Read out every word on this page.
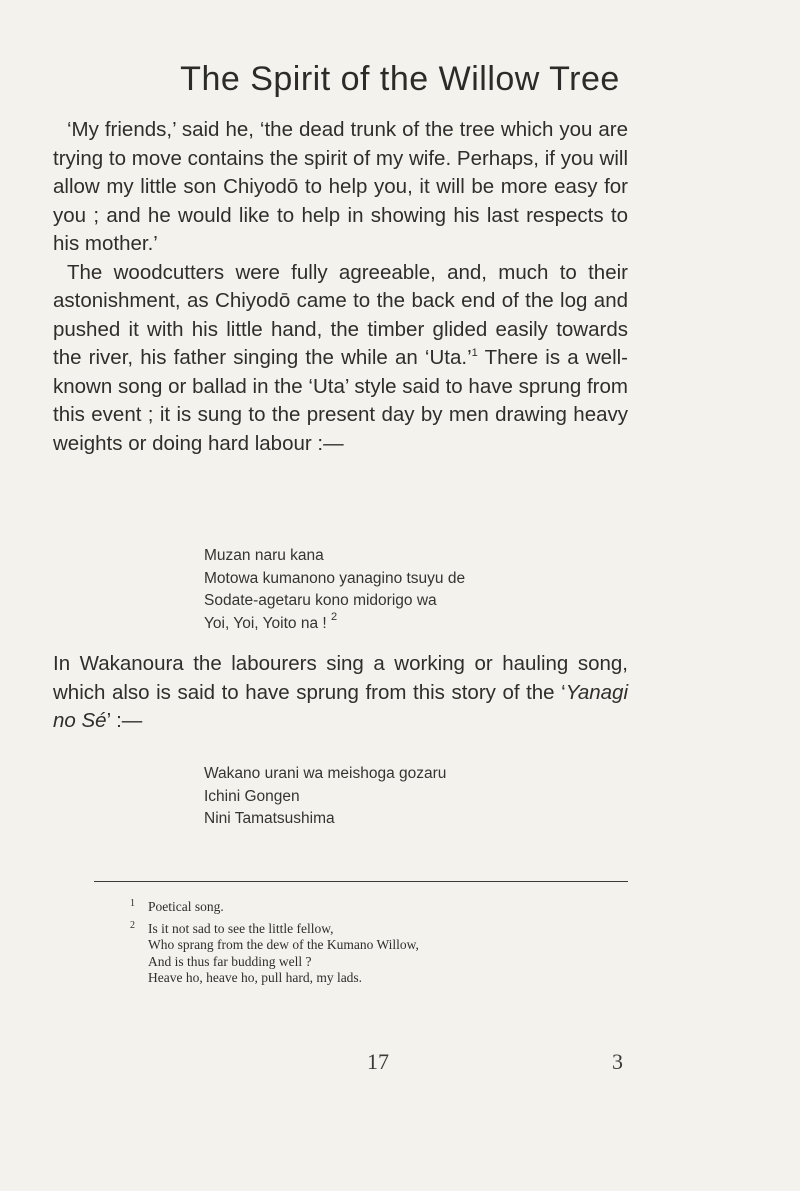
The Spirit of the Willow Tree

‘My friends,’ said he, ‘the dead trunk of the tree which you are trying to move contains the spirit of my wife. Perhaps, if you will allow my little son Chiyodō to help you, it will be more easy for you ; and he would like to help in showing his last respects to his mother.’

The woodcutters were fully agreeable, and, much to their astonishment, as Chiyodō came to the back end of the log and pushed it with his little hand, the timber glided easily towards the river, his father singing the while an ‘Uta.’$^1$ There is a well-known song or ballad in the ‘Uta’ style said to have sprung from this event ; it is sung to the present day by men drawing heavy weights or doing hard labour :—

Muzan naru kana
Motowa kumanono yanagino tsuyu de
Sodate-agetaru kono midorigo wa
Yoi, Yoi, Yoito na ! $^2$

In Wakanoura the labourers sing a working or hauling song, which also is said to have sprung from this story of the ‘Yanagi no Sé’ :—

Wakano urani wa meishoga gozaru
Ichini Gongen
Nini Tamatsushima
1 Poetical song.
2 Is it not sad to see the little fellow,
Who sprang from the dew of the Kumano Willow,
And is thus far budding well ?
Heave ho, heave ho, pull hard, my lads.
17	3
